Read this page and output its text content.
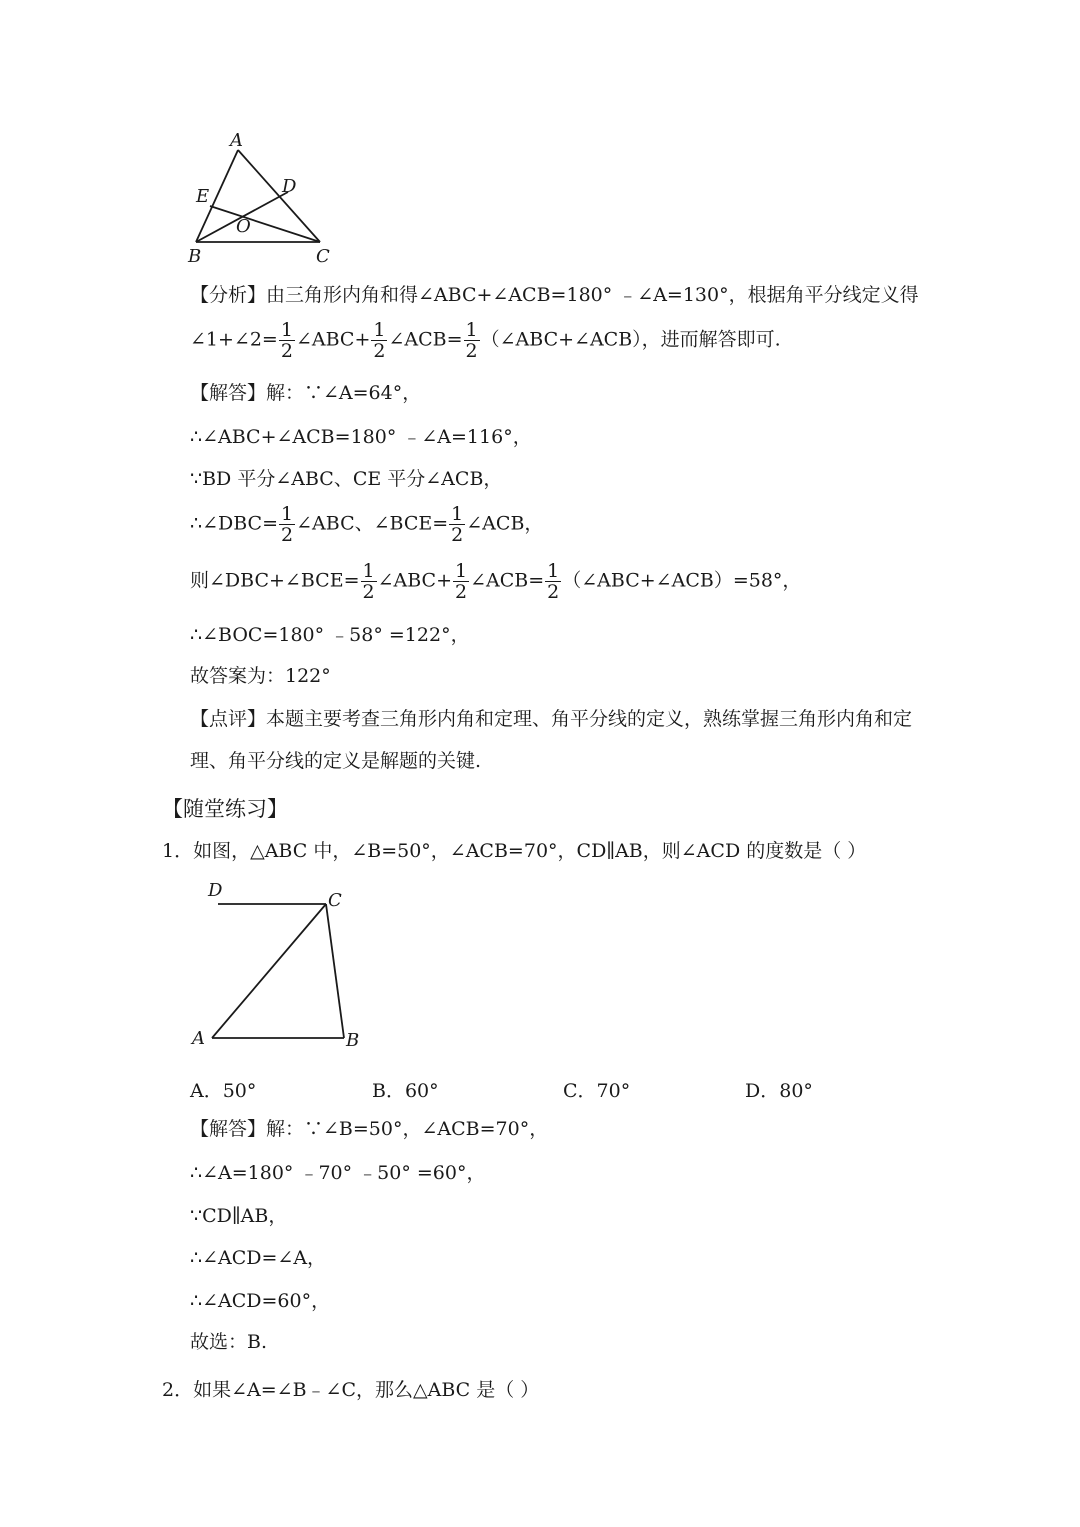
A
B	C
D
E
O
【分析】由三角形内角和得∠ABC+∠ACB=180° ﹣∠A=130°，根据角平分线定义得
∠1+∠2= $\frac{1}{2}$ ∠ABC+ $\frac{1}{2}$ ∠ACB= $\frac{1}{2}$ （∠ABC+∠ACB），进而解答即可.
【解答】解：∵∠A=64°，
∴∠ABC+∠ACB=180° ﹣∠A=116°，
∵BD 平分∠ABC、CE 平分∠ACB，
∴∠DBC= $\frac{1}{2}$ ∠ABC、∠BCE= $\frac{1}{2}$ ∠ACB，
则∠DBC+∠BCE= $\frac{1}{2}$ ∠ABC+ $\frac{1}{2}$ ∠ACB= $\frac{1}{2}$ （∠ABC+∠ACB）=58°，
∴∠BOC=180° ﹣58° =122°，
故答案为：122°
【点评】本题主要考查三角形内角和定理、角平分线的定义，熟练掌握三角形内角和定
理、角平分线的定义是解题的关键.
【随堂练习】
1．如图，△ABC 中，∠B=50°，∠ACB=70°，CD∥AB，则∠ACD 的度数是（ ）
D	C
A	B
A．50°	B．60°	C．70°	D．80°
【解答】解：∵∠B=50°，∠ACB=70°，
∴∠A=180° ﹣70° ﹣50° =60°，
∵CD∥AB，
∴∠ACD=∠A，
∴∠ACD=60°，
故选：B.
2．如果∠A=∠B﹣∠C，那么△ABC 是（ ）
